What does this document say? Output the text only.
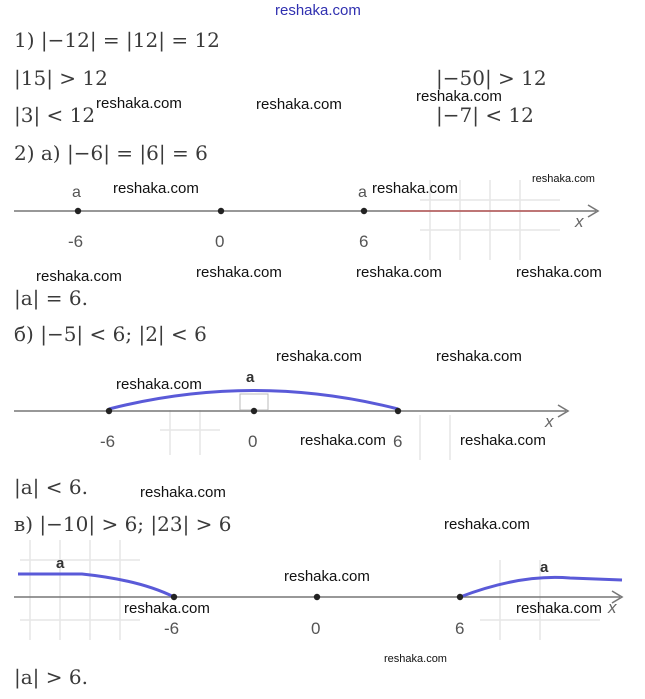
reshaka.com
1) |−12| = |12| = 12
|15| > 12	|−50| > 12
|3| < 12	|−7| < 12
2) а) |−6| = |6| = 6
|a| = 6.
б) |−5| < 6; |2| < 6
|a| < 6.
в) |−10| > 6; |23| > 6
|a| > 6.
a	a
-6	0	6
x
a
-6	0	6
x
a	a
-6	0	6
x
reshaka.com	reshaka.com	reshaka.com
reshaka.com	reshaka.com
reshaka.com
reshaka.com	reshaka.com	reshaka.com	reshaka.com
reshaka.com	reshaka.com
reshaka.com
reshaka.com	reshaka.com
reshaka.com
reshaka.com
reshaka.com
reshaka.com	reshaka.com
reshaka.com
